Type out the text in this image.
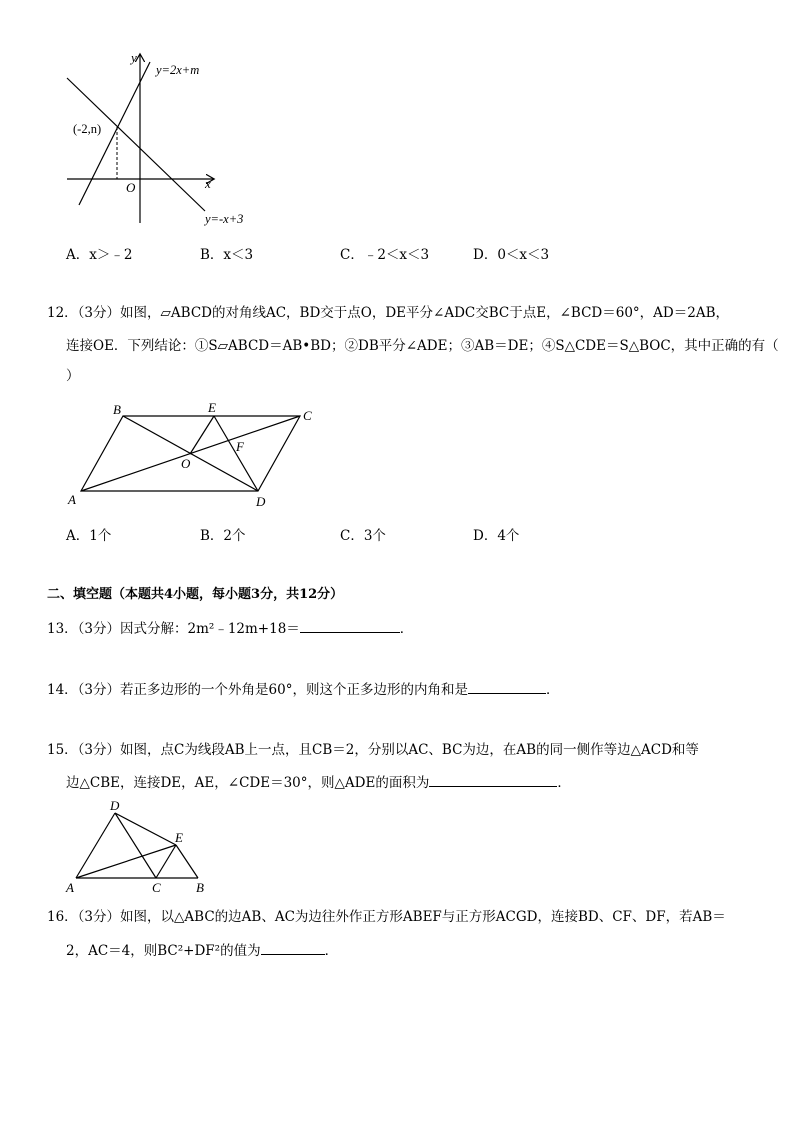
y
x
O
y=2x+m
y=-x+3
(-2,n)
A．x＞﹣2	B．x＜3	C．﹣2＜x＜3	D．0＜x＜3
12．（3分）如图，▱ABCD的对角线AC，BD交于点O，DE平分∠ADC交BC于点E，∠BCD＝60°，AD＝2AB，
连接OE．下列结论：①S▱ABCD＝AB•BD；②DB平分∠ADE；③AB＝DE；④S△CDE＝S△BOC，其中正确的有（
）
B	E
C
F
O
A	D
A．1个	B．2个	C．3个	D．4个
二、填空题（本题共4小题，每小题3分，共12分）
13．（3分）因式分解：2m²﹣12m+18＝	．
14．（3分）若正多边形的一个外角是60°，则这个正多边形的内角和是	．
15．（3分）如图，点C为线段AB上一点，且CB＝2，分别以AC、BC为边，在AB的同一侧作等边△ACD和等
边△CBE，连接DE，AE，∠CDE＝30°，则△ADE的面积为	．
D
E
A	C	B
16．（3分）如图，以△ABC的边AB、AC为边往外作正方形ABEF与正方形ACGD，连接BD、CF、DF，若AB＝
2，AC＝4，则BC²+DF²的值为	．
